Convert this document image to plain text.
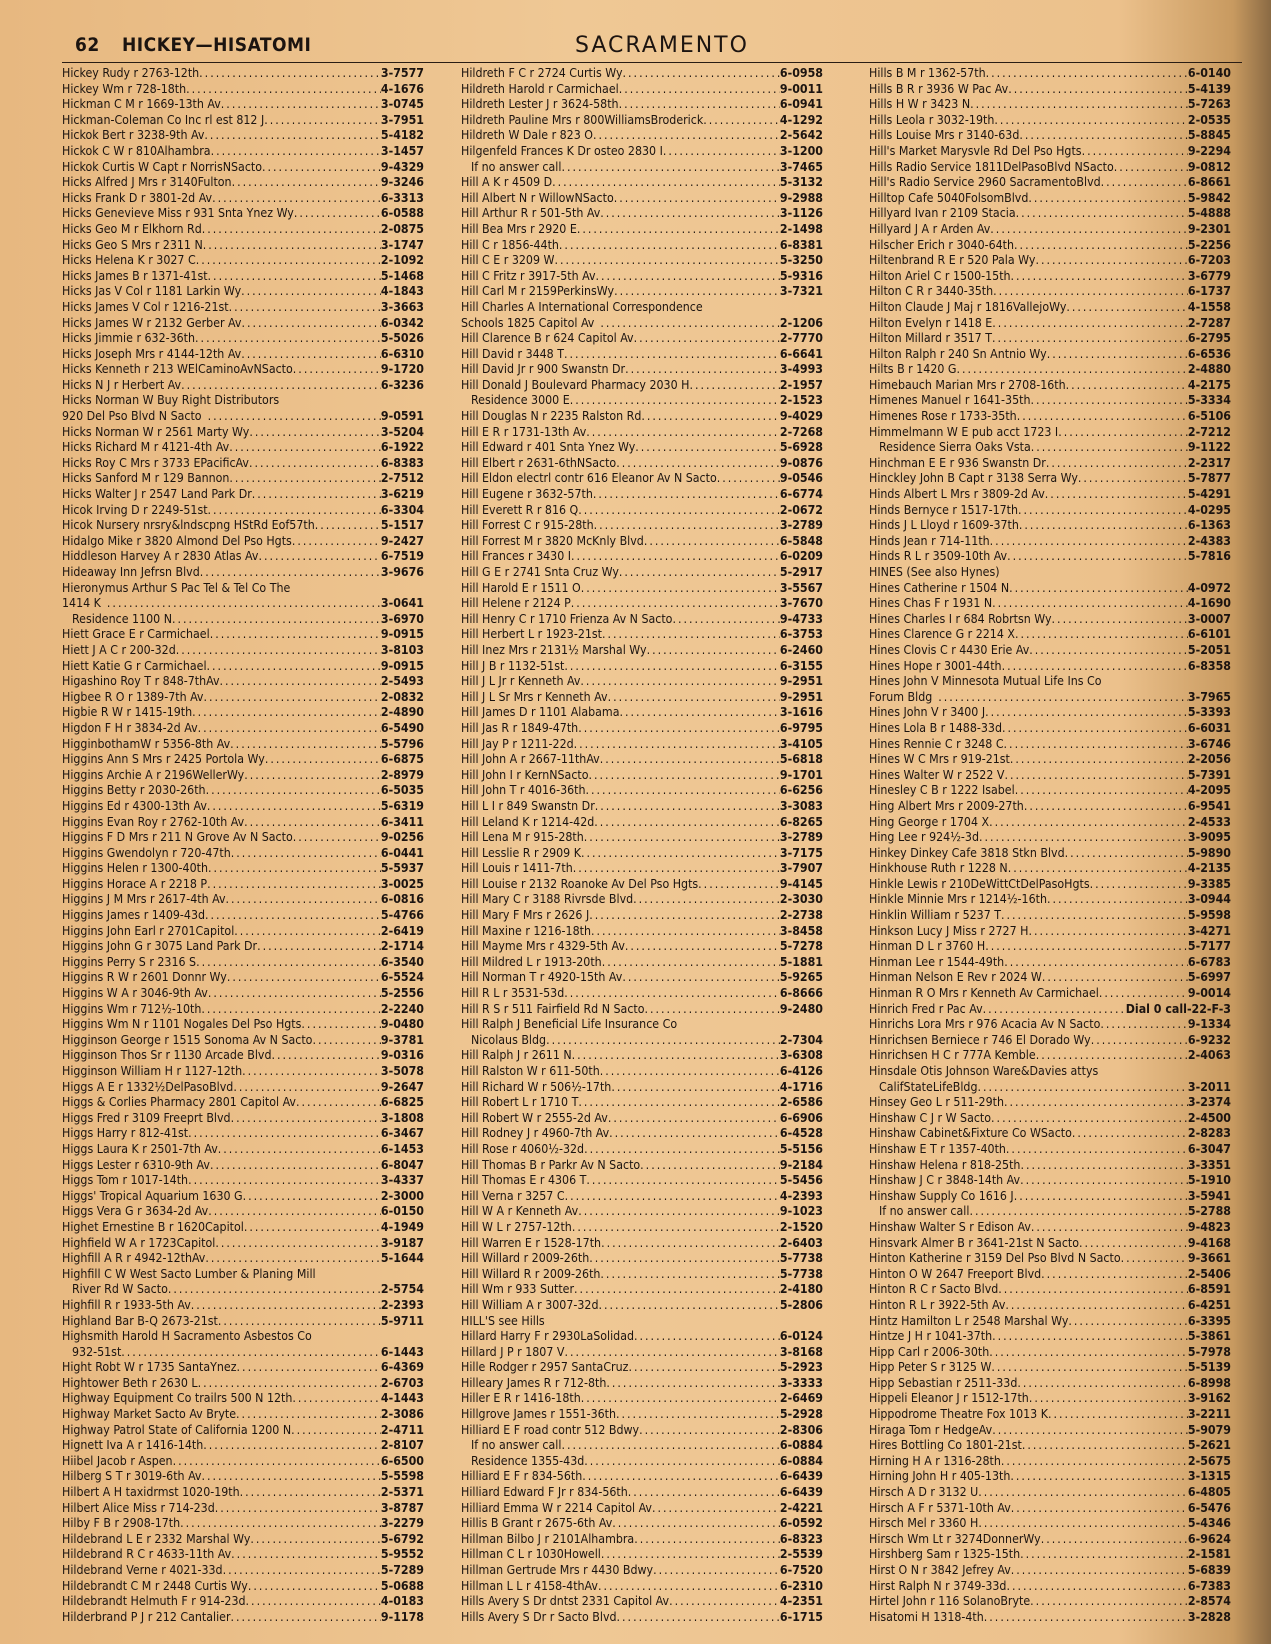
62 HICKEY—HISATOMI	SACRAMENTO
Hickey Rudy r 2763-12th .....	3-7577
Hickey Wm r 728-18th .....	4-1676
Hickman C M r 1669-13th Av .....	3-0745
Hickman-Coleman Co Inc rl est 812 J .....	3-7951
Hickok Bert r 3238-9th Av .....	5-4182
Hickok C W r 810Alhambra .....	3-1457
Hickok Curtis W Capt r NorrisNSacto .....	9-4329
Hicks Alfred J Mrs r 3140Fulton .....	9-3246
Hicks Frank D r 3801-2d Av .....	6-3313
Hicks Genevieve Miss r 931 Snta Ynez Wy .....	6-0588
Hicks Geo M r Elkhorn Rd .....	2-0875
Hicks Geo S Mrs r 2311 N .....	3-1747
Hicks Helena K r 3027 C .....	2-1092
Hicks James B r 1371-41st .....	5-1468
Hicks Jas V Col r 1181 Larkin Wy .....	4-1843
Hicks James V Col r 1216-21st .....	3-3663
Hicks James W r 2132 Gerber Av .....	6-0342
Hicks Jimmie r 632-36th .....	5-5026
Hicks Joseph Mrs r 4144-12th Av .....	6-6310
Hicks Kenneth r 213 WElCaminoAvNSacto .....	9-1720
Hicks N J r Herbert Av .....	6-3236
Hicks Norman W Buy Right Distributors
920 Del Pso Blvd N Sacto .....	9-0591
Hicks Norman W r 2561 Marty Wy .....	3-5204
Hicks Richard M r 4121-4th Av .....	6-1922
Hicks Roy C Mrs r 3733 EPacificAv .....	6-8383
Hicks Sanford M r 129 Bannon .....	2-7512
Hicks Walter J r 2547 Land Park Dr .....	3-6219
Hicok Irving D r 2249-51st .....	6-3304
Hicok Nursery nrsry&lndscpng HStRd Eof57th .....	5-1517
Hidalgo Mike r 3820 Almond Del Pso Hgts .....	9-2427
Hiddleson Harvey A r 2830 Atlas Av .....	6-7519
Hideaway Inn Jefrsn Blvd .....	3-9676
Hieronymus Arthur S Pac Tel & Tel Co The
1414 K .....	3-0641
Residence 1100 N .....	3-6970
Hiett Grace E r Carmichael .....	9-0915
Hiett J A C r 200-32d .....	3-8103
Hiett Katie G r Carmichael .....	9-0915
Higashino Roy T r 848-7thAv .....	2-5493
Higbee R O r 1389-7th Av .....	2-0832
Higbie R W r 1415-19th .....	2-4890
Higdon F H r 3834-2d Av .....	6-5490
HigginbothamW r 5356-8th Av .....	5-5796
Higgins Ann S Mrs r 2425 Portola Wy .....	6-6875
Higgins Archie A r 2196WellerWy .....	2-8979
Higgins Betty r 2030-26th .....	6-5035
Higgins Ed r 4300-13th Av .....	5-6319
Higgins Evan Roy r 2762-10th Av .....	6-3411
Higgins F D Mrs r 211 N Grove Av N Sacto .....	9-0256
Higgins Gwendolyn r 720-47th .....	6-0441
Higgins Helen r 1300-40th .....	5-5937
Higgins Horace A r 2218 P .....	3-0025
Higgins J M Mrs r 2617-4th Av .....	6-0816
Higgins James r 1409-43d .....	5-4766
Higgins John Earl r 2701Capitol .....	2-6419
Higgins John G r 3075 Land Park Dr .....	2-1714
Higgins Perry S r 2316 S .....	6-3540
Higgins R W r 2601 Donnr Wy .....	6-5524
Higgins W A r 3046-9th Av .....	5-2556
Higgins Wm r 712½-10th .....	2-2240
Higgins Wm N r 1101 Nogales Del Pso Hgts .....	9-0480
Higginson George r 1515 Sonoma Av N Sacto .....	9-3781
Higginson Thos Sr r 1130 Arcade Blvd .....	9-0316
Higginson William H r 1127-12th .....	3-5078
Higgs A E r 1332½DelPasoBlvd .....	9-2647
Higgs & Corlies Pharmacy 2801 Capitol Av .....	6-6825
Higgs Fred r 3109 Freeprt Blvd .....	3-1808
Higgs Harry r 812-41st .....	6-3467
Higgs Laura K r 2501-7th Av .....	6-1453
Higgs Lester r 6310-9th Av .....	6-8047
Higgs Tom r 1017-14th .....	3-4337
Higgs' Tropical Aquarium 1630 G .....	2-3000
Higgs Vera G r 3634-2d Av .....	6-0150
Highet Ernestine B r 1620Capitol .....	4-1949
Highfield W A r 1723Capitol .....	3-9187
Highfill A R r 4942-12thAv .....	5-1644
Highfill C W West Sacto Lumber & Planing Mill
River Rd W Sacto .....	2-5754
Highfill R r 1933-5th Av .....	2-2393
Highland Bar B-Q 2673-21st .....	5-9711
Highsmith Harold H Sacramento Asbestos Co
932-51st .....	6-1443
Hight Robt W r 1735 SantaYnez .....	6-4369
Hightower Beth r 2630 L .....	2-6703
Highway Equipment Co trailrs 500 N 12th .....	4-1443
Highway Market Sacto Av Bryte .....	2-3086
Highway Patrol State of California 1200 N .....	2-4711
Hignett Iva A r 1416-14th .....	2-8107
Hiibel Jacob r Aspen .....	6-6500
Hilberg S T r 3019-6th Av .....	5-5598
Hilbert A H taxidrmst 1020-19th .....	2-5371
Hilbert Alice Miss r 714-23d .....	3-8787
Hilby F B r 2908-17th .....	3-2279
Hildebrand L E r 2332 Marshal Wy .....	5-6792
Hildebrand R C r 4633-11th Av .....	5-9552
Hildebrand Verne r 4021-33d .....	5-7289
Hildebrandt C M r 2448 Curtis Wy .....	5-0688
Hildebrandt Helmuth F r 914-23d .....	4-0183
Hilderbrand P J r 212 Cantalier .....	9-1178
Hildreth F C r 2724 Curtis Wy .....	6-0958
Hildreth Harold r Carmichael .....	9-0011
Hildreth Lester J r 3624-58th .....	6-0941
Hildreth Pauline Mrs r 800WilliamsBroderick .....	4-1292
Hildreth W Dale r 823 O .....	2-5642
Hilgenfeld Frances K Dr osteo 2830 I .....	3-1200
If no answer call .....	3-7465
Hill A K r 4509 D .....	5-3132
Hill Albert N r WillowNSacto .....	9-2988
Hill Arthur R r 501-5th Av .....	3-1126
Hill Bea Mrs r 2920 E .....	2-1498
Hill C r 1856-44th .....	6-8381
Hill C E r 3209 W .....	5-3250
Hill C Fritz r 3917-5th Av .....	5-9316
Hill Carl M r 2159PerkinsWy .....	3-7321
Hill Charles A International Correspondence
Schools 1825 Capitol Av .....	2-1206
Hill Clarence B r 624 Capitol Av .....	2-7770
Hill David r 3448 T .....	6-6641
Hill David Jr r 900 Swanstn Dr .....	3-4993
Hill Donald J Boulevard Pharmacy 2030 H .....	2-1957
Residence 3000 E .....	2-1523
Hill Douglas N r 2235 Ralston Rd .....	9-4029
Hill E R r 1731-13th Av .....	2-7268
Hill Edward r 401 Snta Ynez Wy .....	5-6928
Hill Elbert r 2631-6thNSacto .....	9-0876
Hill Eldon electrl contr 616 Eleanor Av N Sacto .....	9-0546
Hill Eugene r 3632-57th .....	6-6774
Hill Everett R r 816 Q .....	2-0672
Hill Forrest C r 915-28th .....	3-2789
Hill Forrest M r 3820 McKnly Blvd .....	6-5848
Hill Frances r 3430 I .....	6-0209
Hill G E r 2741 Snta Cruz Wy .....	5-2917
Hill Harold E r 1511 O .....	3-5567
Hill Helene r 2124 P .....	3-7670
Hill Henry C r 1710 Frienza Av N Sacto .....	9-4733
Hill Herbert L r 1923-21st .....	6-3753
Hill Inez Mrs r 2131½ Marshal Wy .....	6-2460
Hill J B r 1132-51st .....	6-3155
Hill J L Jr r Kenneth Av .....	9-2951
Hill J L Sr Mrs r Kenneth Av .....	9-2951
Hill James D r 1101 Alabama .....	3-1616
Hill Jas R r 1849-47th .....	6-9795
Hill Jay P r 1211-22d .....	3-4105
Hill John A r 2667-11thAv .....	5-6818
Hill John I r KernNSacto .....	9-1701
Hill John T r 4016-36th .....	6-6256
Hill L I r 849 Swanstn Dr .....	3-3083
Hill Leland K r 1214-42d .....	6-8265
Hill Lena M r 915-28th .....	3-2789
Hill Lesslie R r 2909 K .....	3-7175
Hill Louis r 1411-7th .....	3-7907
Hill Louise r 2132 Roanoke Av Del Pso Hgts .....	9-4145
Hill Mary C r 3188 Rivrsde Blvd .....	2-3030
Hill Mary F Mrs r 2626 J .....	2-2738
Hill Maxine r 1216-18th .....	3-8458
Hill Mayme Mrs r 4329-5th Av .....	5-7278
Hill Mildred L r 1913-20th .....	5-1881
Hill Norman T r 4920-15th Av .....	5-9265
Hill R L r 3531-53d .....	6-8666
Hill R S r 511 Fairfield Rd N Sacto .....	9-2480
Hill Ralph J Beneficial Life Insurance Co
Nicolaus Bldg .....	2-7304
Hill Ralph J r 2611 N .....	3-6308
Hill Ralston W r 611-50th .....	6-4126
Hill Richard W r 506½-17th .....	4-1716
Hill Robert L r 1710 T .....	2-6586
Hill Robert W r 2555-2d Av .....	6-6906
Hill Rodney J r 4960-7th Av .....	6-4528
Hill Rose r 4060½-32d .....	5-5156
Hill Thomas B r Parkr Av N Sacto .....	9-2184
Hill Thomas E r 4306 T .....	5-5456
Hill Verna r 3257 C .....	4-2393
Hill W A r Kenneth Av .....	9-1023
Hill W L r 2757-12th .....	2-1520
Hill Warren E r 1528-17th .....	2-6403
Hill Willard r 2009-26th .....	5-7738
Hill Willard R r 2009-26th .....	5-7738
Hill Wm r 933 Sutter .....	2-4180
Hill William A r 3007-32d .....	5-2806
HILL'S see Hills
Hillard Harry F r 2930LaSolidad .....	6-0124
Hillard J P r 1807 V .....	3-8168
Hille Rodger r 2957 SantaCruz .....	5-2923
Hilleary James R r 712-8th .....	3-3333
Hiller E R r 1416-18th .....	2-6469
Hillgrove James r 1551-36th .....	5-2928
Hilliard E F road contr 512 Bdwy .....	2-8306
If no answer call .....	6-0884
Residence 1355-43d .....	6-0884
Hilliard E F r 834-56th .....	6-6439
Hilliard Edward F Jr r 834-56th .....	6-6439
Hilliard Emma W r 2214 Capitol Av .....	2-4221
Hillis B Grant r 2675-6th Av .....	6-0592
Hillman Bilbo J r 2101Alhambra .....	6-8323
Hillman C L r 1030Howell .....	2-5539
Hillman Gertrude Mrs r 4430 Bdwy .....	6-7520
Hillman L L r 4158-4thAv .....	6-2310
Hills Avery S Dr dntst 2331 Capitol Av .....	4-2351
Hills Avery S Dr r Sacto Blvd .....	6-1715
Hills B M r 1362-57th .....	6-0140
Hills B R r 3936 W Pac Av .....	5-4139
Hills H W r 3423 N .....	5-7263
Hills Leola r 3032-19th .....	2-0535
Hills Louise Mrs r 3140-63d .....	5-8845
Hill's Market Marysvle Rd Del Pso Hgts .....	9-2294
Hills Radio Service 1811DelPasoBlvd NSacto .....	9-0812
Hill's Radio Service 2960 SacramentoBlvd .....	6-8661
Hilltop Cafe 5040FolsomBlvd .....	5-9842
Hillyard Ivan r 2109 Stacia .....	5-4888
Hillyard J A r Arden Av .....	9-2301
Hilscher Erich r 3040-64th .....	5-2256
Hiltenbrand R E r 520 Pala Wy .....	6-7203
Hilton Ariel C r 1500-15th .....	3-6779
Hilton C R r 3440-35th .....	6-1737
Hilton Claude J Maj r 1816VallejoWy .....	4-1558
Hilton Evelyn r 1418 E .....	2-7287
Hilton Millard r 3517 T .....	6-2795
Hilton Ralph r 240 Sn Antnio Wy .....	6-6536
Hilts B r 1420 G .....	2-4880
Himebauch Marian Mrs r 2708-16th .....	4-2175
Himenes Manuel r 1641-35th .....	5-3334
Himenes Rose r 1733-35th .....	6-5106
Himmelmann W E pub acct 1723 I .....	2-7212
Residence Sierra Oaks Vsta .....	9-1122
Hinchman E E r 936 Swanstn Dr .....	2-2317
Hinckley John B Capt r 3138 Serra Wy .....	5-7877
Hinds Albert L Mrs r 3809-2d Av .....	5-4291
Hinds Bernyce r 1517-17th .....	4-0295
Hinds J L Lloyd r 1609-37th .....	6-1363
Hinds Jean r 714-11th .....	2-4383
Hinds R L r 3509-10th Av .....	5-7816
HINES (See also Hynes)
Hines Catherine r 1504 N .....	4-0972
Hines Chas F r 1931 N .....	4-1690
Hines Charles I r 684 Robrtsn Wy .....	3-0007
Hines Clarence G r 2214 X .....	6-6101
Hines Clovis C r 4430 Erie Av .....	5-2051
Hines Hope r 3001-44th .....	6-8358
Hines John V Minnesota Mutual Life Ins Co
Forum Bldg .....	3-7965
Hines John V r 3400 J .....	5-3393
Hines Lola B r 1488-33d .....	6-6031
Hines Rennie C r 3248 C .....	3-6746
Hines W C Mrs r 919-21st .....	2-2056
Hines Walter W r 2522 V .....	5-7391
Hinesley C B r 1222 Isabel .....	4-2095
Hing Albert Mrs r 2009-27th .....	6-9541
Hing George r 1704 X .....	2-4533
Hing Lee r 924½-3d .....	3-9095
Hinkey Dinkey Cafe 3818 Stkn Blvd .....	5-9890
Hinkhouse Ruth r 1228 N .....	4-2135
Hinkle Lewis r 210DeWittCtDelPasoHgts .....	9-3385
Hinkle Minnie Mrs r 1214½-16th .....	3-0944
Hinklin William r 5237 T .....	5-9598
Hinkson Lucy J Miss r 2727 H .....	3-4271
Hinman D L r 3760 H .....	5-7177
Hinman Lee r 1544-49th .....	6-6783
Hinman Nelson E Rev r 2024 W .....	5-6997
Hinman R O Mrs r Kenneth Av Carmichael .....	9-0014
Hinrich Fred r Pac Av .....	Dial 0 call-22-F-3
Hinrichs Lora Mrs r 976 Acacia Av N Sacto .....	9-1334
Hinrichsen Berniece r 746 El Dorado Wy .....	6-9232
Hinrichsen H C r 777A Kemble .....	2-4063
Hinsdale Otis Johnson Ware&Davies attys
CalifStateLifeBldg .....	3-2011
Hinsey Geo L r 511-29th .....	3-2374
Hinshaw C J r W Sacto .....	2-4500
Hinshaw Cabinet&Fixture Co WSacto .....	2-8283
Hinshaw E T r 1357-40th .....	6-3047
Hinshaw Helena r 818-25th .....	3-3351
Hinshaw J C r 3848-14th Av .....	5-1910
Hinshaw Supply Co 1616 J .....	3-5941
If no answer call .....	5-2788
Hinshaw Walter S r Edison Av .....	9-4823
Hinsvark Almer B r 3641-21st N Sacto .....	9-4168
Hinton Katherine r 3159 Del Pso Blvd N Sacto .....	9-3661
Hinton O W 2647 Freeport Blvd .....	2-5406
Hinton R C r Sacto Blvd .....	6-8591
Hinton R L r 3922-5th Av .....	6-4251
Hintz Hamilton L r 2548 Marshal Wy .....	6-3395
Hintze J H r 1041-37th .....	5-3861
Hipp Carl r 2006-30th .....	5-7978
Hipp Peter S r 3125 W .....	5-5139
Hipp Sebastian r 2511-33d .....	6-8998
Hippeli Eleanor J r 1512-17th .....	3-9162
Hippodrome Theatre Fox 1013 K .....	3-2211
Hiraga Tom r HedgeAv .....	5-9079
Hires Bottling Co 1801-21st .....	5-2621
Hirning H A r 1316-28th .....	2-5675
Hirning John H r 405-13th .....	3-1315
Hirsch A D r 3132 U .....	6-4805
Hirsch A F r 5371-10th Av .....	6-5476
Hirsch Mel r 3360 H .....	5-4346
Hirsch Wm Lt r 3274DonnerWy .....	6-9624
Hirshberg Sam r 1325-15th .....	2-1581
Hirst O N r 3842 Jefrey Av .....	5-6839
Hirst Ralph N r 3749-33d .....	6-7383
Hirtel John r 116 SolanoBryte .....	2-8574
Hisatomi H 1318-4th .....	3-2828
